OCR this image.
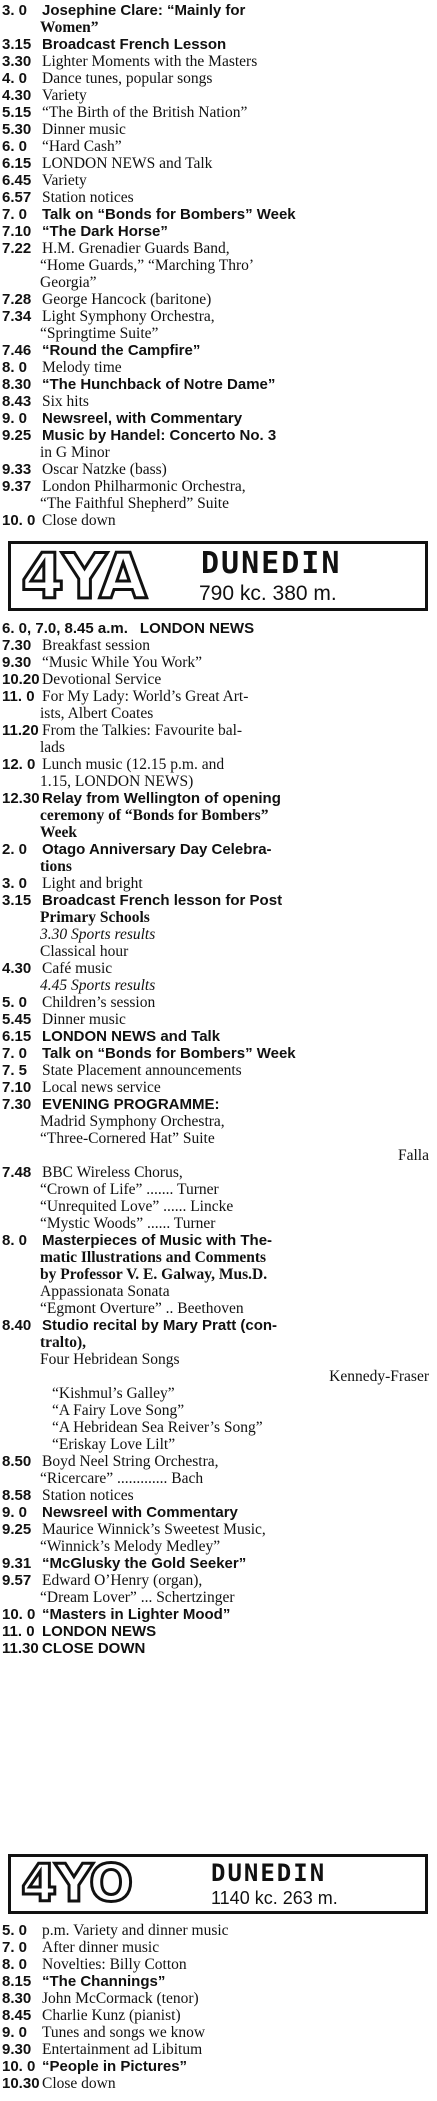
3. 0 Josephine Clare: “Mainly for
Women”
3.15 Broadcast French Lesson
3.30 Lighter Moments with the Masters
4. 0 Dance tunes, popular songs
4.30 Variety
5.15 “The Birth of the British Nation”
5.30 Dinner music
6. 0 “Hard Cash”
6.15 LONDON NEWS and Talk
6.45 Variety
6.57 Station notices
7. 0 Talk on “Bonds for Bombers” Week
7.10 “The Dark Horse”
7.22 H.M. Grenadier Guards Band,
“Home Guards,” “Marching Thro’
Georgia”
7.28 George Hancock (baritone)
7.34 Light Symphony Orchestra,
“Springtime Suite”
7.46 “Round the Campfire”
8. 0 Melody time
8.30 “The Hunchback of Notre Dame”
8.43 Six hits
9. 0 Newsreel, with Commentary
9.25 Music by Handel: Concerto No. 3
in G Minor
9.33 Oscar Natzke (bass)
9.37 London Philharmonic Orchestra,
“The Faithful Shepherd” Suite
10. 0 Close down
4YA DUNEDIN
790 kc. 380 m.
6. 0, 7.0, 8.45 a.m. LONDON NEWS
7.30 Breakfast session
9.30 “Music While You Work”
10.20 Devotional Service
11. 0 For My Lady: World’s Great Art-
ists, Albert Coates
11.20 From the Talkies: Favourite bal-
lads
12. 0 Lunch music (12.15 p.m. and
1.15, LONDON NEWS)
12.30 Relay from Wellington of opening
ceremony of “Bonds for Bombers”
Week
2. 0 Otago Anniversary Day Celebra-
tions
3. 0 Light and bright
3.15 Broadcast French lesson for Post
Primary Schools
3.30 Sports results
Classical hour
4.30 Café music
4.45 Sports results
5. 0 Children’s session
5.45 Dinner music
6.15 LONDON NEWS and Talk
7. 0 Talk on “Bonds for Bombers” Week
7. 5 State Placement announcements
7.10 Local news service
7.30 EVENING PROGRAMME:
Madrid Symphony Orchestra,
“Three-Cornered Hat” Suite
Falla
7.48 BBC Wireless Chorus,
“Crown of Life” ....... Turner
“Unrequited Love” ...... Lincke
“Mystic Woods” ...... Turner
8. 0 Masterpieces of Music with The-
matic Illustrations and Comments
by Professor V. E. Galway, Mus.D.
Appassionata Sonata
“Egmont Overture” .. Beethoven
8.40 Studio recital by Mary Pratt (con-
tralto),
Four Hebridean Songs
Kennedy-Fraser
“Kishmul’s Galley”
“A Fairy Love Song”
“A Hebridean Sea Reiver’s Song”
“Eriskay Love Lilt”
8.50 Boyd Neel String Orchestra,
“Ricercare” ............. Bach
8.58 Station notices
9. 0 Newsreel with Commentary
9.25 Maurice Winnick’s Sweetest Music,
“Winnick’s Melody Medley”
9.31 “McGlusky the Gold Seeker”
9.57 Edward O’Henry (organ),
“Dream Lover” ... Schertzinger
10. 0 “Masters in Lighter Mood”
11. 0 LONDON NEWS
11.30 CLOSE DOWN
4YO	DUNEDIN
1140 kc. 263 m.
5. 0 p.m. Variety and dinner music
7. 0 After dinner music
8. 0 Novelties: Billy Cotton
8.15 “The Channings”
8.30 John McCormack (tenor)
8.45 Charlie Kunz (pianist)
9. 0 Tunes and songs we know
9.30 Entertainment ad Libitum
10. 0 “People in Pictures”
10.30 Close down
